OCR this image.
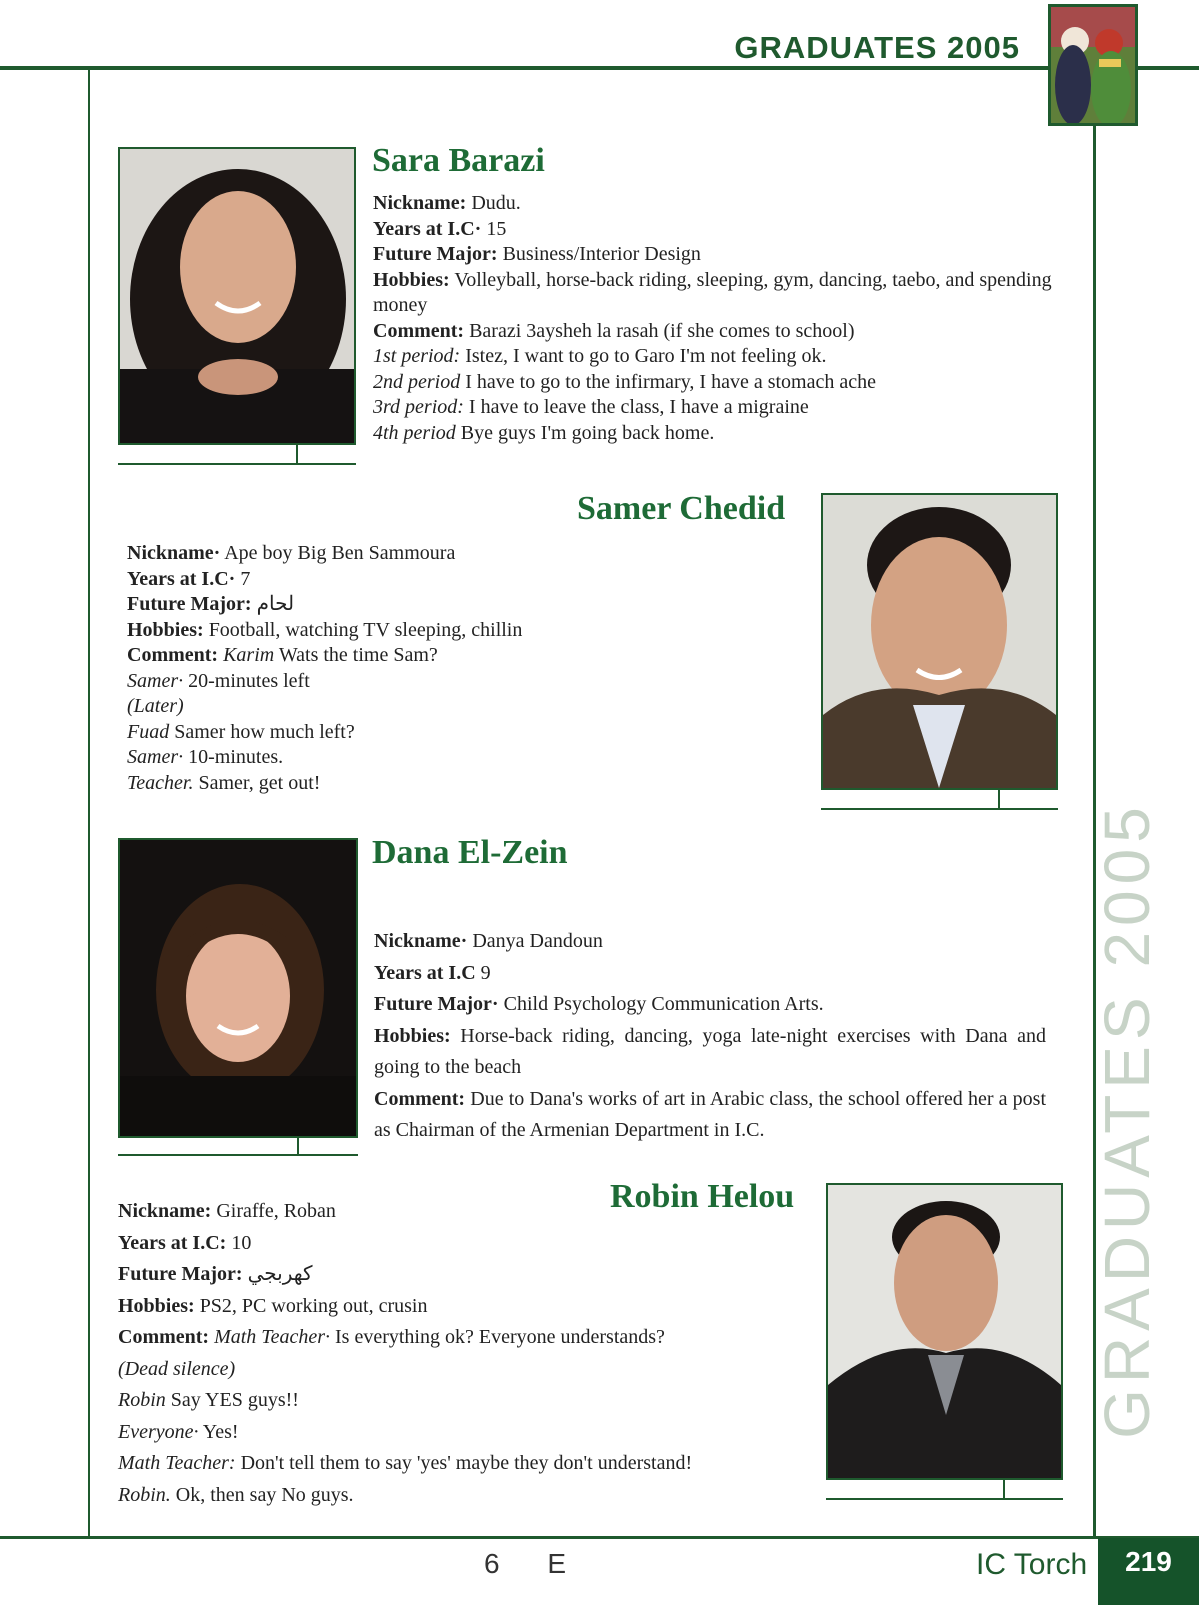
GRADUATES 2005
GRADUATES 2005
Sara Barazi
Nickname: Dudu.
Years at I.C· 15
Future Major: Business/Interior Design
Hobbies: Volleyball, horse-back riding, sleeping, gym, dancing, taebo, and spending money
Comment: Barazi 3aysheh la rasah (if she comes to school)
1st period: Istez, I want to go to Garo I'm not feeling ok.
2nd period I have to go to the infirmary, I have a stomach ache
3rd period: I have to leave the class, I have a migraine
4th period Bye guys I'm going back home.
Samer Chedid
Nickname· Ape boy Big Ben Sammoura
Years at I.C· 7
Future Major: لحام
Hobbies: Football, watching TV sleeping, chillin
Comment: Karim Wats the time Sam?
Samer· 20-minutes left
(Later)
Fuad Samer how much left?
Samer· 10-minutes.
Teacher. Samer, get out!
Dana El-Zein
Nickname· Danya Dandoun
Years at I.C 9
Future Major· Child Psychology Communication Arts.
Hobbies: Horse-back riding, dancing, yoga late-night exercises with Dana and going to the beach
Comment: Due to Dana's works of art in Arabic class, the school offered her a post as Chairman of the Armenian Department in I.C.
Robin Helou
Nickname: Giraffe, Roban
Years at I.C: 10
Future Major: كهربجي
Hobbies: PS2, PC working out, crusin
Comment: Math Teacher· Is everything ok? Everyone understands?
(Dead silence)
Robin Say YES guys!!
Everyone· Yes!
Math Teacher: Don't tell them to say 'yes' maybe they don't understand!
Robin. Ok, then say No guys.
6 E	IC Torch	219
